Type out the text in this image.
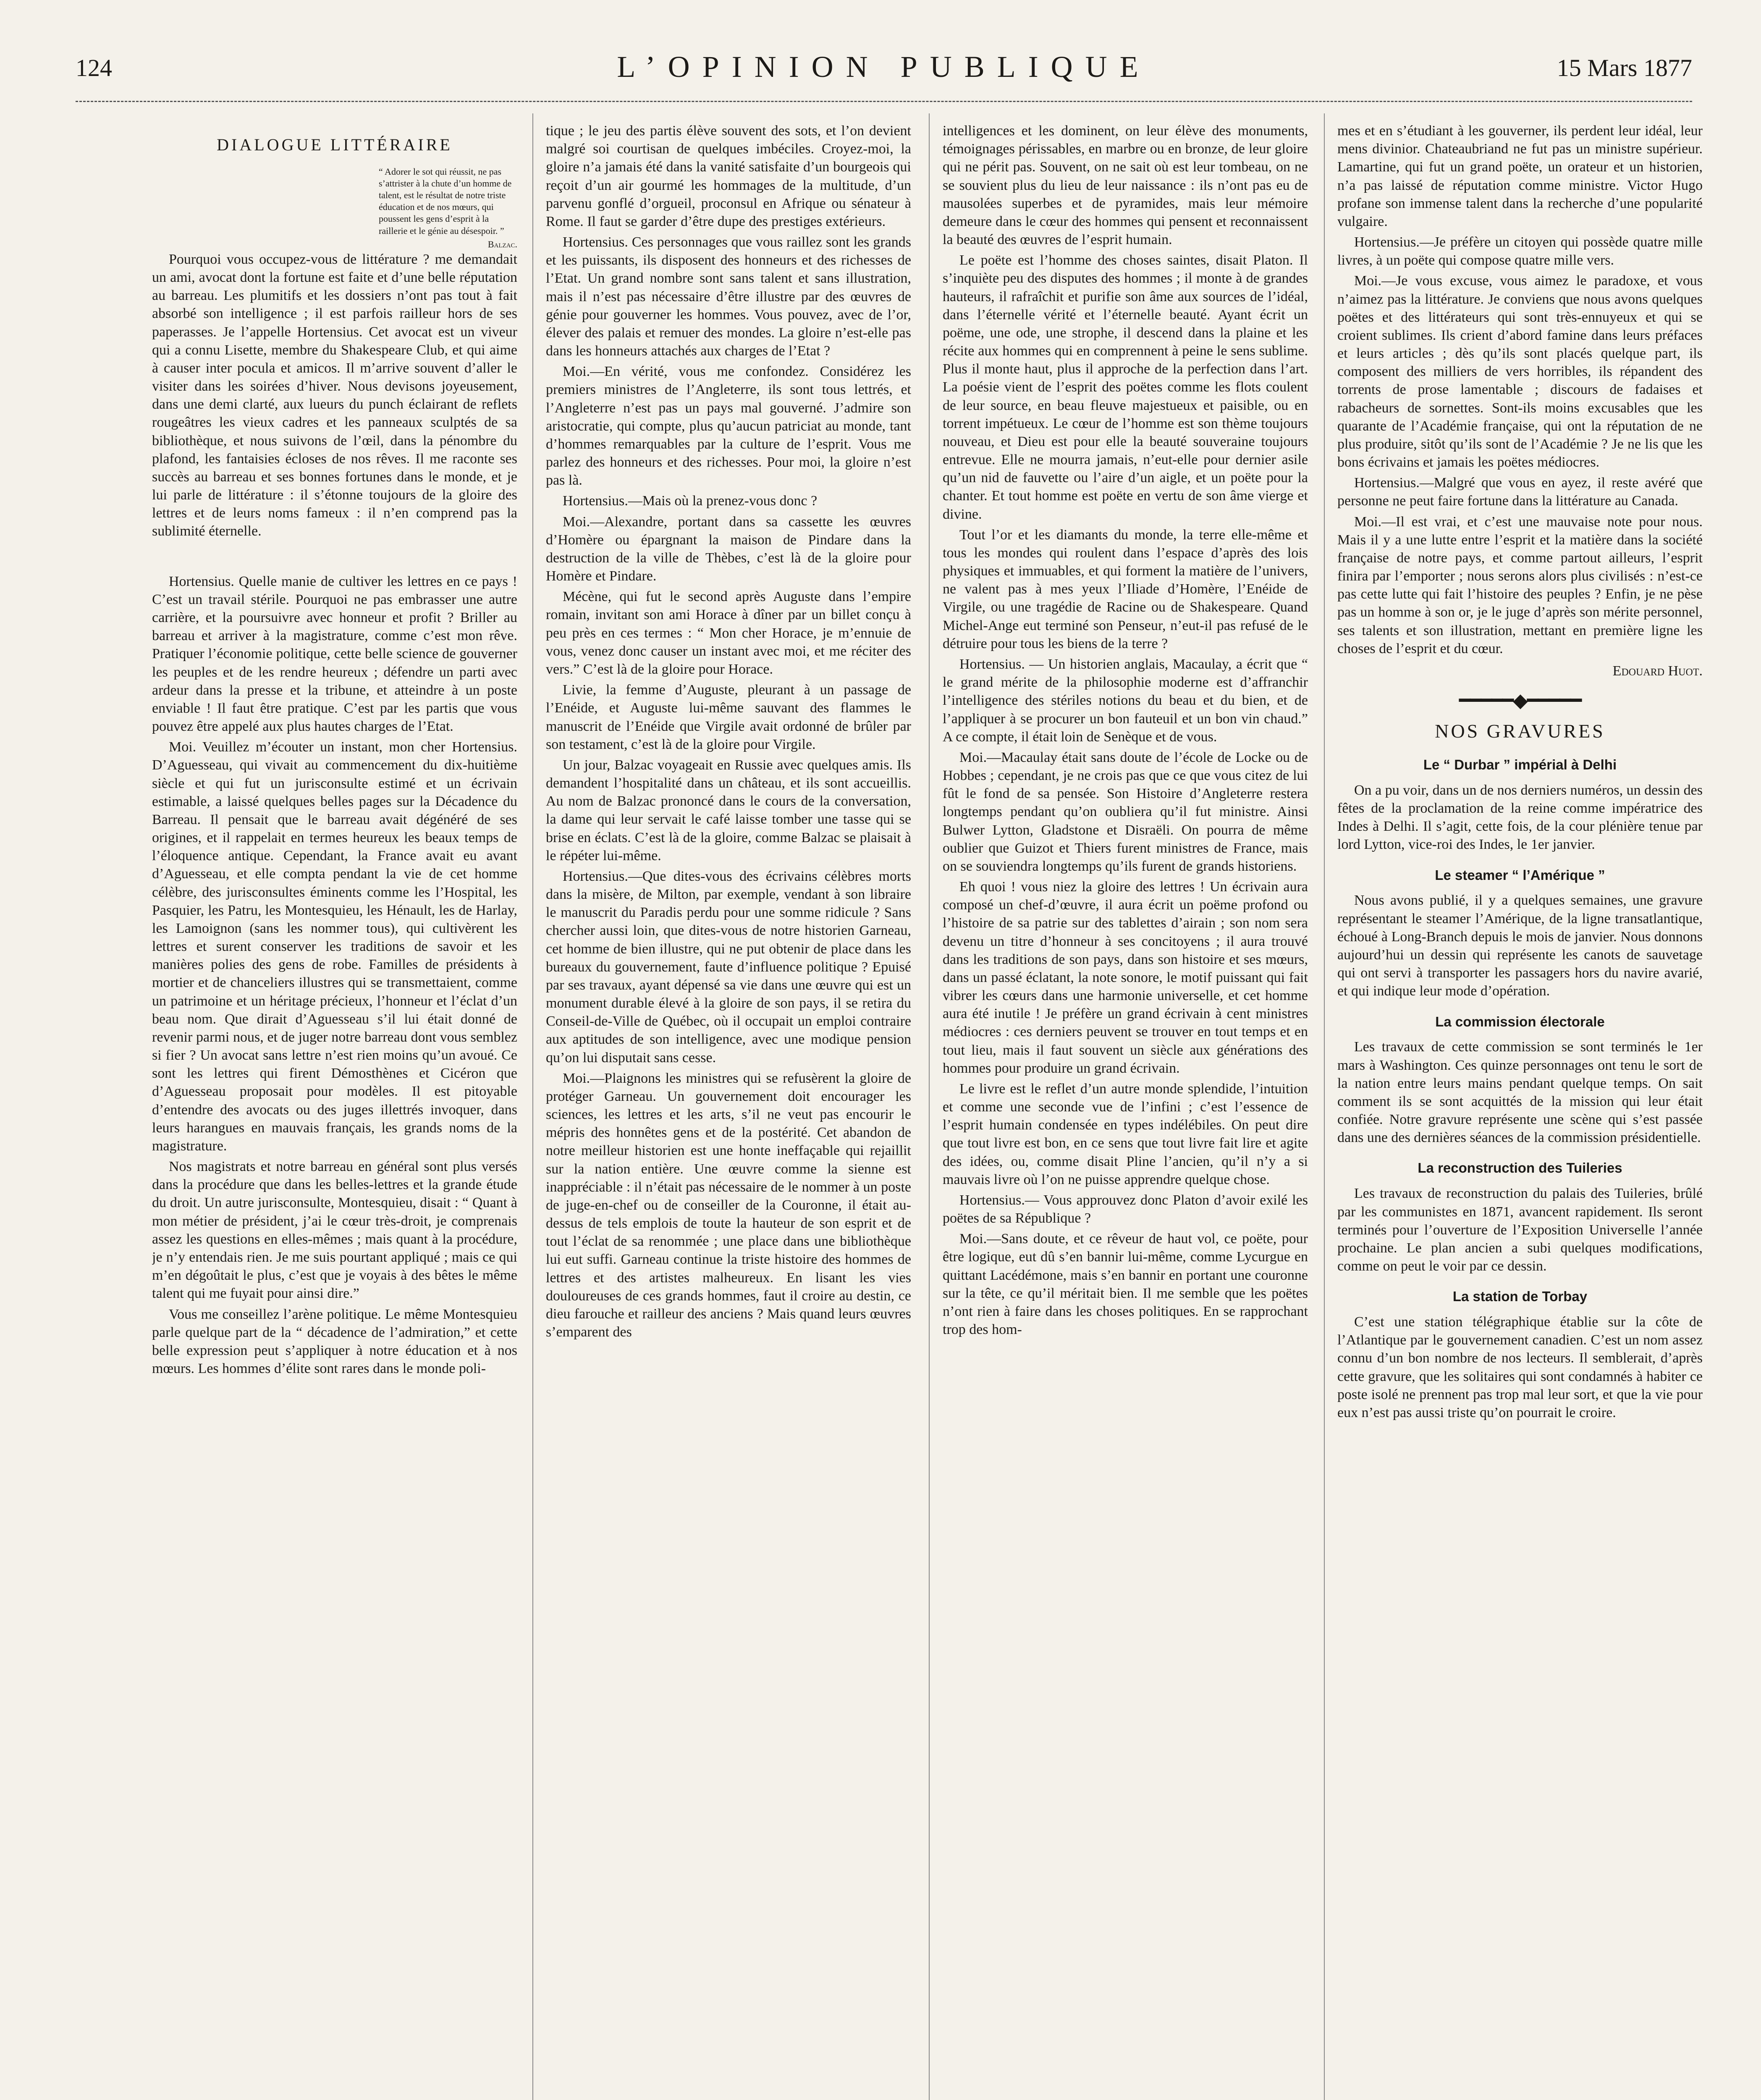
124	L’OPINION PUBLIQUE	15 Mars 1877
DIALOGUE LITTÉRAIRE
“ Adorer le sot qui réussit, ne pas s’attrister à la chute d’un homme de talent, est le résultat de notre triste éducation et de nos mœurs, qui poussent les gens d’esprit à la raillerie et le génie au désespoir. ”
Balzac.

Pourquoi vous occupez-vous de littérature ? me demandait un ami, avocat dont la fortune est faite et d’une belle réputation au barreau. Les plumitifs et les dossiers n’ont pas tout à fait absorbé son intelligence ; il est parfois railleur hors de ses paperasses. Je l’appelle Hortensius. Cet avocat est un viveur qui a connu Lisette, membre du Shakespeare Club, et qui aime à causer inter pocula et amicos. Il m’arrive souvent d’aller le visiter dans les soirées d’hiver. Nous devisons joyeusement, dans une demi clarté, aux lueurs du punch éclairant de reflets rougeâtres les vieux cadres et les panneaux sculptés de sa bibliothèque, et nous suivons de l’œil, dans la pénombre du plafond, les fantaisies écloses de nos rêves. Il me raconte ses succès au barreau et ses bonnes fortunes dans le monde, et je lui parle de littérature : il s’étonne toujours de la gloire des lettres et de leurs noms fameux : il n’en comprend pas la sublimité éternelle.

Hortensius. Quelle manie de cultiver les lettres en ce pays ! C’est un travail stérile. Pourquoi ne pas embrasser une autre carrière, et la poursuivre avec honneur et profit ? Briller au barreau et arriver à la magistrature, comme c’est mon rêve. Pratiquer l’économie politique, cette belle science de gouverner les peuples et de les rendre heureux ; défendre un parti avec ardeur dans la presse et la tribune, et atteindre à un poste enviable ! Il faut être pratique. C’est par les partis que vous pouvez être appelé aux plus hautes charges de l’Etat.

Moi. Veuillez m’écouter un instant, mon cher Hortensius. D’Aguesseau, qui vivait au commencement du dix-huitième siècle et qui fut un jurisconsulte estimé et un écrivain estimable, a laissé quelques belles pages sur la Décadence du Barreau. Il pensait que le barreau avait dégénéré de ses origines, et il rappelait en termes heureux les beaux temps de l’éloquence antique. Cependant, la France avait eu avant d’Aguesseau, et elle compta pendant la vie de cet homme célèbre, des jurisconsultes éminents comme les l’Hospital, les Pasquier, les Patru, les Montesquieu, les Hénault, les de Harlay, les Lamoignon (sans les nommer tous), qui cultivèrent les lettres et surent conserver les traditions de savoir et les manières polies des gens de robe. Familles de présidents à mortier et de chanceliers illustres qui se transmettaient, comme un patrimoine et un héritage précieux, l’honneur et l’éclat d’un beau nom. Que dirait d’Aguesseau s’il lui était donné de revenir parmi nous, et de juger notre barreau dont vous semblez si fier ? Un avocat sans lettre n’est rien moins qu’un avoué. Ce sont les lettres qui firent Démosthènes et Cicéron que d’Aguesseau proposait pour modèles. Il est pitoyable d’entendre des avocats ou des juges illettrés invoquer, dans leurs harangues en mauvais français, les grands noms de la magistrature.

Nos magistrats et notre barreau en général sont plus versés dans la procédure que dans les belles-lettres et la grande étude du droit. Un autre jurisconsulte, Montesquieu, disait : “ Quant à mon métier de président, j’ai le cœur très-droit, je comprenais assez les questions en elles-mêmes ; mais quant à la procédure, je n’y entendais rien. Je me suis pourtant appliqué ; mais ce qui m’en dégoûtait le plus, c’est que je voyais à des bêtes le même talent qui me fuyait pour ainsi dire.”

Vous me conseillez l’arène politique. Le même Montesquieu parle quelque part de la “ décadence de l’admiration,” et cette belle expression peut s’appliquer à notre éducation et à nos mœurs. Les hommes d’élite sont rares dans le monde poli-

tique ; le jeu des partis élève souvent des sots, et l’on devient malgré soi courtisan de quelques imbéciles. Croyez-moi, la gloire n’a jamais été dans la vanité satisfaite d’un bourgeois qui reçoit d’un air gourmé les hommages de la multitude, d’un parvenu gonflé d’orgueil, proconsul en Afrique ou sénateur à Rome. Il faut se garder d’être dupe des prestiges extérieurs.

Hortensius. Ces personnages que vous raillez sont les grands et les puissants, ils disposent des honneurs et des richesses de l’Etat. Un grand nombre sont sans talent et sans illustration, mais il n’est pas nécessaire d’être illustre par des œuvres de génie pour gouverner les hommes. Vous pouvez, avec de l’or, élever des palais et remuer des mondes. La gloire n’est-elle pas dans les honneurs attachés aux charges de l’Etat ?

Moi.—En vérité, vous me confondez. Considérez les premiers ministres de l’Angleterre, ils sont tous lettrés, et l’Angleterre n’est pas un pays mal gouverné. J’admire son aristocratie, qui compte, plus qu’aucun patriciat au monde, tant d’hommes remarquables par la culture de l’esprit. Vous me parlez des honneurs et des richesses. Pour moi, la gloire n’est pas là.

Hortensius.—Mais où la prenez-vous donc ?

Moi.—Alexandre, portant dans sa cassette les œuvres d’Homère ou épargnant la maison de Pindare dans la destruction de la ville de Thèbes, c’est là de la gloire pour Homère et Pindare.

Mécène, qui fut le second après Auguste dans l’empire romain, invitant son ami Horace à dîner par un billet conçu à peu près en ces termes : “ Mon cher Horace, je m’ennuie de vous, venez donc causer un instant avec moi, et me réciter des vers.” C’est là de la gloire pour Horace.

Livie, la femme d’Auguste, pleurant à un passage de l’Enéide, et Auguste lui-même sauvant des flammes le manuscrit de l’Enéide que Virgile avait ordonné de brûler par son testament, c’est là de la gloire pour Virgile.

Un jour, Balzac voyageait en Russie avec quelques amis. Ils demandent l’hospitalité dans un château, et ils sont accueillis. Au nom de Balzac prononcé dans le cours de la conversation, la dame qui leur servait le café laisse tomber une tasse qui se brise en éclats. C’est là de la gloire, comme Balzac se plaisait à le répéter lui-même.

Hortensius.—Que dites-vous des écrivains célèbres morts dans la misère, de Milton, par exemple, vendant à son libraire le manuscrit du Paradis perdu pour une somme ridicule ? Sans chercher aussi loin, que dites-vous de notre historien Garneau, cet homme de bien illustre, qui ne put obtenir de place dans les bureaux du gouvernement, faute d’influence politique ? Epuisé par ses travaux, ayant dépensé sa vie dans une œuvre qui est un monument durable élevé à la gloire de son pays, il se retira du Conseil-de-Ville de Québec, où il occupait un emploi contraire aux aptitudes de son intelligence, avec une modique pension qu’on lui disputait sans cesse.

Moi.—Plaignons les ministres qui se refusèrent la gloire de protéger Garneau. Un gouvernement doit encourager les sciences, les lettres et les arts, s’il ne veut pas encourir le mépris des honnêtes gens et de la postérité. Cet abandon de notre meilleur historien est une honte ineffaçable qui rejaillit sur la nation entière. Une œuvre comme la sienne est inappréciable : il n’était pas nécessaire de le nommer à un poste de juge-en-chef ou de conseiller de la Couronne, il était au-dessus de tels emplois de toute la hauteur de son esprit et de tout l’éclat de sa renommée ; une place dans une bibliothèque lui eut suffi. Garneau continue la triste histoire des hommes de lettres et des artistes malheureux. En lisant les vies douloureuses de ces grands hommes, faut il croire au destin, ce dieu farouche et railleur des anciens ? Mais quand leurs œuvres s’emparent des

intelligences et les dominent, on leur élève des monuments, témoignages périssables, en marbre ou en bronze, de leur gloire qui ne périt pas. Souvent, on ne sait où est leur tombeau, on ne se souvient plus du lieu de leur naissance : ils n’ont pas eu de mausolées superbes et de pyramides, mais leur mémoire demeure dans le cœur des hommes qui pensent et reconnaissent la beauté des œuvres de l’esprit humain.

Le poëte est l’homme des choses saintes, disait Platon. Il s’inquiète peu des disputes des hommes ; il monte à de grandes hauteurs, il rafraîchit et purifie son âme aux sources de l’idéal, dans l’éternelle vérité et l’éternelle beauté. Ayant écrit un poëme, une ode, une strophe, il descend dans la plaine et les récite aux hommes qui en comprennent à peine le sens sublime. Plus il monte haut, plus il approche de la perfection dans l’art. La poésie vient de l’esprit des poëtes comme les flots coulent de leur source, en beau fleuve majestueux et paisible, ou en torrent impétueux. Le cœur de l’homme est son thème toujours nouveau, et Dieu est pour elle la beauté souveraine toujours entrevue. Elle ne mourra jamais, n’eut-elle pour dernier asile qu’un nid de fauvette ou l’aire d’un aigle, et un poëte pour la chanter. Et tout homme est poëte en vertu de son âme vierge et divine.

Tout l’or et les diamants du monde, la terre elle-même et tous les mondes qui roulent dans l’espace d’après des lois physiques et immuables, et qui forment la matière de l’univers, ne valent pas à mes yeux l’Iliade d’Homère, l’Enéide de Virgile, ou une tragédie de Racine ou de Shakespeare. Quand Michel-Ange eut terminé son Penseur, n’eut-il pas refusé de le détruire pour tous les biens de la terre ?

Hortensius. — Un historien anglais, Macaulay, a écrit que “ le grand mérite de la philosophie moderne est d’affranchir l’intelligence des stériles notions du beau et du bien, et de l’appliquer à se procurer un bon fauteuil et un bon vin chaud.” A ce compte, il était loin de Senèque et de vous.

Moi.—Macaulay était sans doute de l’école de Locke ou de Hobbes ; cependant, je ne crois pas que ce que vous citez de lui fût le fond de sa pensée. Son Histoire d’Angleterre restera longtemps pendant qu’on oubliera qu’il fut ministre. Ainsi Bulwer Lytton, Gladstone et Disraëli. On pourra de même oublier que Guizot et Thiers furent ministres de France, mais on se souviendra longtemps qu’ils furent de grands historiens.

Eh quoi ! vous niez la gloire des lettres ! Un écrivain aura composé un chef-d’œuvre, il aura écrit un poëme profond ou l’histoire de sa patrie sur des tablettes d’airain ; son nom sera devenu un titre d’honneur à ses concitoyens ; il aura trouvé dans les traditions de son pays, dans son histoire et ses mœurs, dans un passé éclatant, la note sonore, le motif puissant qui fait vibrer les cœurs dans une harmonie universelle, et cet homme aura été inutile ! Je préfère un grand écrivain à cent ministres médiocres : ces derniers peuvent se trouver en tout temps et en tout lieu, mais il faut souvent un siècle aux générations des hommes pour produire un grand écrivain.

Le livre est le reflet d’un autre monde splendide, l’intuition et comme une seconde vue de l’infini ; c’est l’essence de l’esprit humain condensée en types indélébiles. On peut dire que tout livre est bon, en ce sens que tout livre fait lire et agite des idées, ou, comme disait Pline l’ancien, qu’il n’y a si mauvais livre où l’on ne puisse apprendre quelque chose.

Hortensius.— Vous approuvez donc Platon d’avoir exilé les poëtes de sa République ?

Moi.—Sans doute, et ce rêveur de haut vol, ce poëte, pour être logique, eut dû s’en bannir lui-même, comme Lycurgue en quittant Lacédémone, mais s’en bannir en portant une couronne sur la tête, ce qu’il méritait bien. Il me semble que les poëtes n’ont rien à faire dans les choses politiques. En se rapprochant trop des hom-

mes et en s’étudiant à les gouverner, ils perdent leur idéal, leur mens divinior. Chateaubriand ne fut pas un ministre supérieur. Lamartine, qui fut un grand poëte, un orateur et un historien, n’a pas laissé de réputation comme ministre. Victor Hugo profane son immense talent dans la recherche d’une popularité vulgaire.

Hortensius.—Je préfère un citoyen qui possède quatre mille livres, à un poëte qui compose quatre mille vers.

Moi.—Je vous excuse, vous aimez le paradoxe, et vous n’aimez pas la littérature. Je conviens que nous avons quelques poëtes et des littérateurs qui sont très-ennuyeux et qui se croient sublimes. Ils crient d’abord famine dans leurs préfaces et leurs articles ; dès qu’ils sont placés quelque part, ils composent des milliers de vers horribles, ils répandent des torrents de prose lamentable ; discours de fadaises et rabacheurs de sornettes. Sont-ils moins excusables que les quarante de l’Académie française, qui ont la réputation de ne plus produire, sitôt qu’ils sont de l’Académie ? Je ne lis que les bons écrivains et jamais les poëtes médiocres.

Hortensius.—Malgré que vous en ayez, il reste avéré que personne ne peut faire fortune dans la littérature au Canada.

Moi.—Il est vrai, et c’est une mauvaise note pour nous. Mais il y a une lutte entre l’esprit et la matière dans la société française de notre pays, et comme partout ailleurs, l’esprit finira par l’emporter ; nous serons alors plus civilisés : n’est-ce pas cette lutte qui fait l’histoire des peuples ? Enfin, je ne pèse pas un homme à son or, je le juge d’après son mérite personnel, ses talents et son illustration, mettant en première ligne les choses de l’esprit et du cœur.

Edouard Huot.
━━━━━◆━━━━━
NOS GRAVURES
Le “ Durbar ” impérial à Delhi

On a pu voir, dans un de nos derniers numéros, un dessin des fêtes de la proclamation de la reine comme impératrice des Indes à Delhi. Il s’agit, cette fois, de la cour plénière tenue par lord Lytton, vice-roi des Indes, le 1er janvier.

Le steamer “ l’Amérique ”

Nous avons publié, il y a quelques semaines, une gravure représentant le steamer l’Amérique, de la ligne transatlantique, échoué à Long-Branch depuis le mois de janvier. Nous donnons aujourd’hui un dessin qui représente les canots de sauvetage qui ont servi à transporter les passagers hors du navire avarié, et qui indique leur mode d’opération.

La commission électorale

Les travaux de cette commission se sont terminés le 1er mars à Washington. Ces quinze personnages ont tenu le sort de la nation entre leurs mains pendant quelque temps. On sait comment ils se sont acquittés de la mission qui leur était confiée. Notre gravure représente une scène qui s’est passée dans une des dernières séances de la commission présidentielle.

La reconstruction des Tuileries

Les travaux de reconstruction du palais des Tuileries, brûlé par les communistes en 1871, avancent rapidement. Ils seront terminés pour l’ouverture de l’Exposition Universelle l’année prochaine. Le plan ancien a subi quelques modifications, comme on peut le voir par ce dessin.

La station de Torbay

C’est une station télégraphique établie sur la côte de l’Atlantique par le gouvernement canadien. C’est un nom assez connu d’un bon nombre de nos lecteurs. Il semblerait, d’après cette gravure, que les solitaires qui sont condamnés à habiter ce poste isolé ne prennent pas trop mal leur sort, et que la vie pour eux n’est pas aussi triste qu’on pourrait le croire.
